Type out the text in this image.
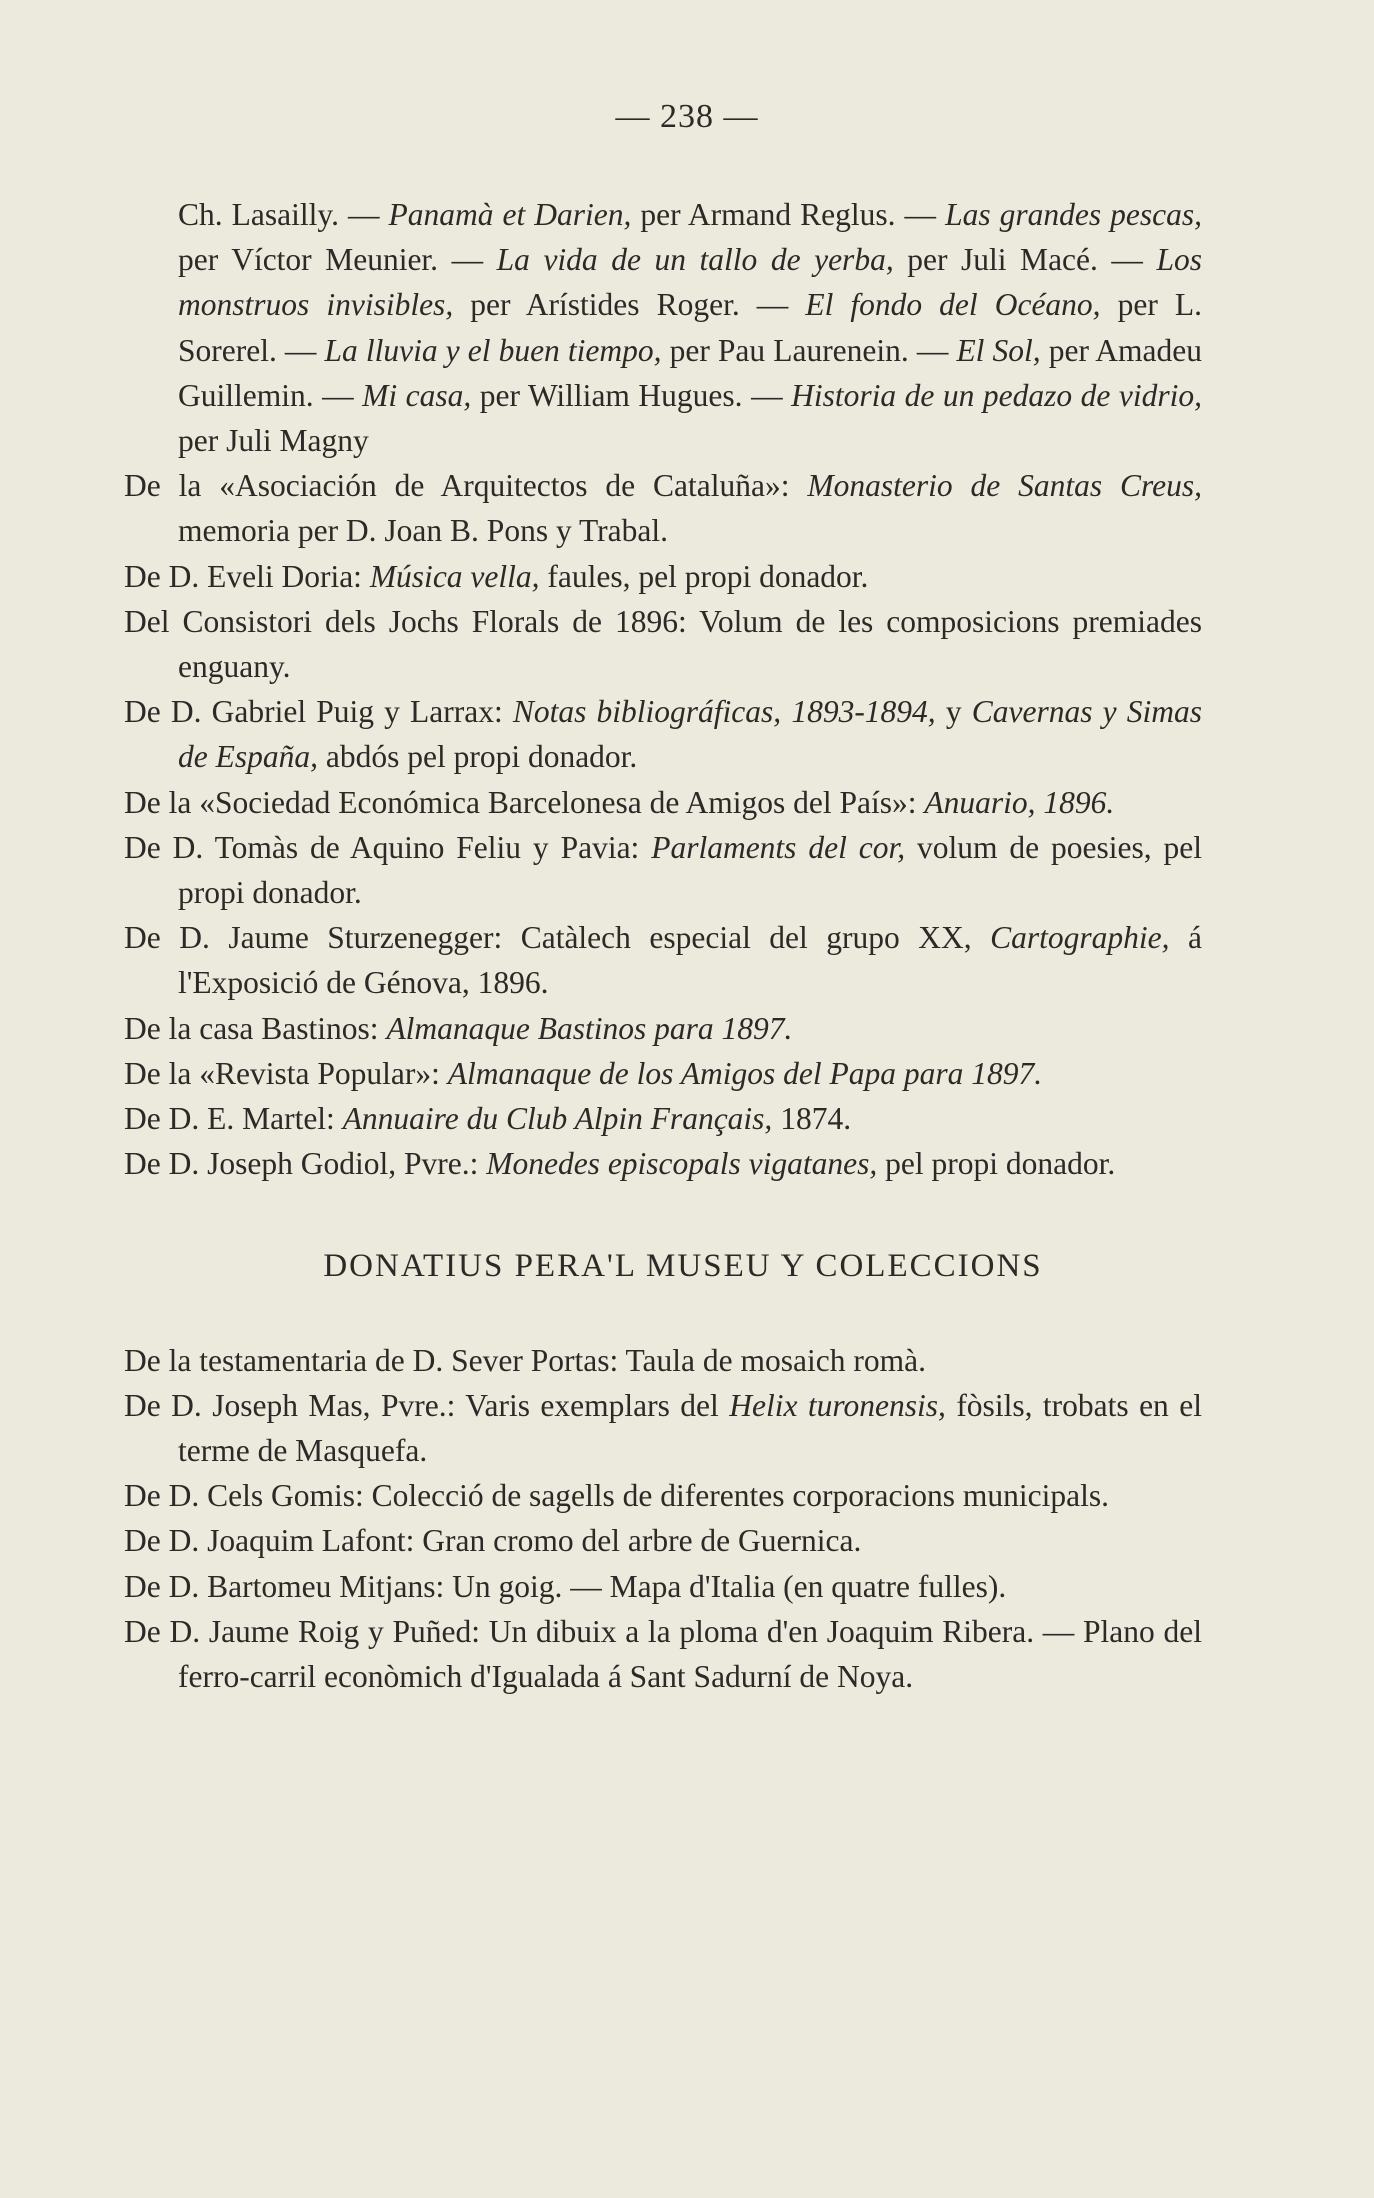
— 238 —

Ch. Lasailly. — Panamà et Darien, per Armand Reglus. — Las grandes pescas, per Víctor Meunier. — La vida de un tallo de yerba, per Juli Macé. — Los monstruos invisibles, per Arístides Roger. — El fondo del Océano, per L. Sorerel. — La lluvia y el buen tiempo, per Pau Laurenein. — El Sol, per Amadeu Guillemin. — Mi casa, per William Hugues. — Historia de un pedazo de vidrio, per Juli Magny

De la «Asociación de Arquitectos de Cataluña»: Monasterio de Santas Creus, memoria per D. Joan B. Pons y Trabal.

De D. Eveli Doria: Música vella, faules, pel propi donador.

Del Consistori dels Jochs Florals de 1896: Volum de les composicions premiades enguany.

De D. Gabriel Puig y Larrax: Notas bibliográficas, 1893-1894, y Cavernas y Simas de España, abdós pel propi donador.

De la «Sociedad Económica Barcelonesa de Amigos del País»: Anuario, 1896.

De D. Tomàs de Aquino Feliu y Pavia: Parlaments del cor, volum de poesies, pel propi donador.

De D. Jaume Sturzenegger: Catàlech especial del grupo XX, Cartographie, á l'Exposició de Génova, 1896.

De la casa Bastinos: Almanaque Bastinos para 1897.

De la «Revista Popular»: Almanaque de los Amigos del Papa para 1897.

De D. E. Martel: Annuaire du Club Alpin Français, 1874.

De D. Joseph Godiol, Pvre.: Monedes episcopals vigatanes, pel propi donador.

DONATIUS PERA'L MUSEU Y COLECCIONS

De la testamentaria de D. Sever Portas: Taula de mosaich romà.

De D. Joseph Mas, Pvre.: Varis exemplars del Helix turonensis, fòsils, trobats en el terme de Masquefa.

De D. Cels Gomis: Colecció de sagells de diferentes corporacions municipals.

De D. Joaquim Lafont: Gran cromo del arbre de Guernica.

De D. Bartomeu Mitjans: Un goig. — Mapa d'Italia (en quatre fulles).

De D. Jaume Roig y Puñed: Un dibuix a la ploma d'en Joaquim Ribera. — Plano del ferro-carril econòmich d'Igualada á Sant Sadurní de Noya.
